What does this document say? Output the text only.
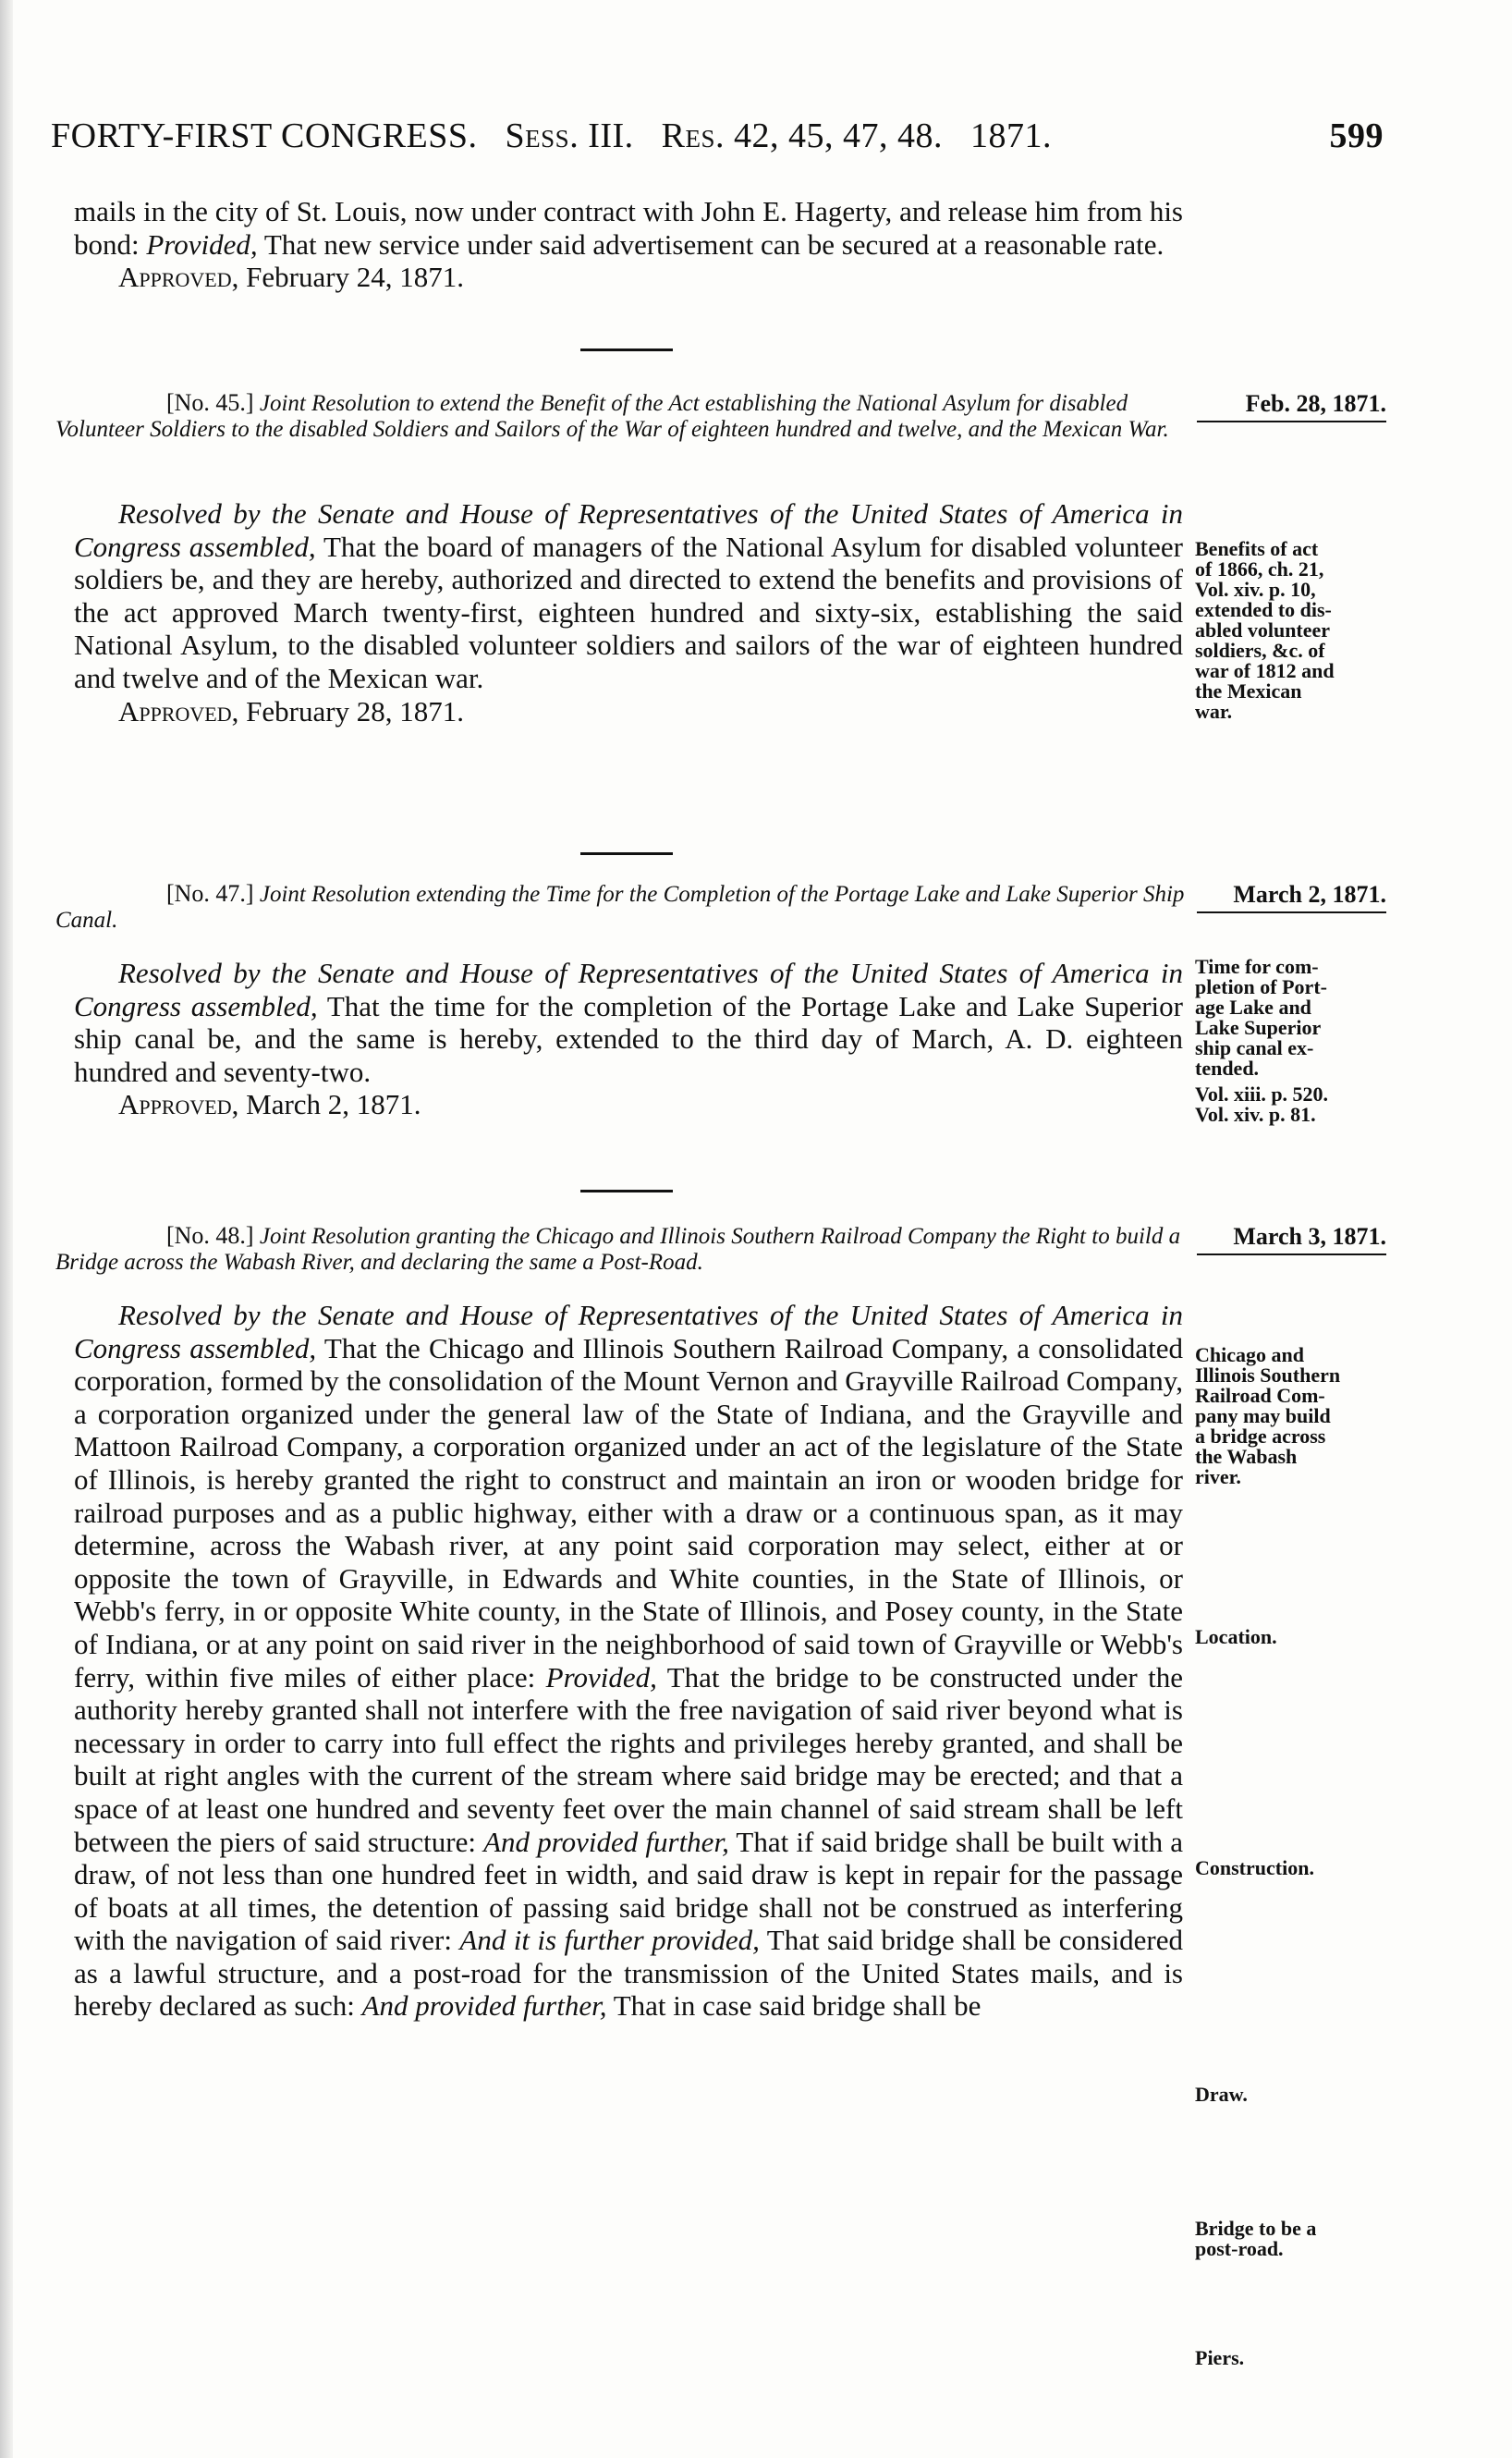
FORTY-FIRST CONGRESS. Sess. III. Res. 42, 45, 47, 48. 1871.	599

mails in the city of St. Louis, now under contract with John E. Hagerty, and release him from his bond: Provided, That new service under said advertisement can be secured at a reasonable rate.

Approved, February 24, 1871.

[No. 45.] Joint Resolution to extend the Benefit of the Act establishing the National Asylum for disabled Volunteer Soldiers to the disabled Soldiers and Sailors of the War of eighteen hundred and twelve, and the Mexican War.
Feb. 28, 1871.

Resolved by the Senate and House of Representatives of the United States of America in Congress assembled, That the board of managers of the National Asylum for disabled volunteer soldiers be, and they are hereby, authorized and directed to extend the benefits and provisions of the act approved March twenty-first, eighteen hundred and sixty-six, establishing the said National Asylum, to the disabled volunteer soldiers and sailors of the war of eighteen hundred and twelve and of the Mexican war.

Approved, February 28, 1871.

Benefits of act
of 1866, ch. 21,
Vol. xiv. p. 10,
extended to dis-
abled volunteer
soldiers, &c. of
war of 1812 and
the Mexican
war.
[No. 47.] Joint Resolution extending the Time for the Completion of the Portage Lake and Lake Superior Ship Canal.
March 2, 1871.

Resolved by the Senate and House of Representatives of the United States of America in Congress assembled, That the time for the completion of the Portage Lake and Lake Superior ship canal be, and the same is hereby, extended to the third day of March, A. D. eighteen hundred and seventy-two.

Approved, March 2, 1871.

Time for com-
pletion of Port-
age Lake and
Lake Superior
ship canal ex-
tended.
Vol. xiii. p. 520.
Vol. xiv. p. 81.
[No. 48.] Joint Resolution granting the Chicago and Illinois Southern Railroad Company the Right to build a Bridge across the Wabash River, and declaring the same a Post-Road.
March 3, 1871.

Resolved by the Senate and House of Representatives of the United States of America in Congress assembled, That the Chicago and Illinois Southern Railroad Company, a consolidated corporation, formed by the consolidation of the Mount Vernon and Grayville Railroad Company, a corporation organized under the general law of the State of Indiana, and the Grayville and Mattoon Railroad Company, a corporation organized under an act of the legislature of the State of Illinois, is hereby granted the right to construct and maintain an iron or wooden bridge for railroad purposes and as a public highway, either with a draw or a continuous span, as it may determine, across the Wabash river, at any point said corporation may select, either at or opposite the town of Grayville, in Edwards and White counties, in the State of Illinois, or Webb's ferry, in or opposite White county, in the State of Illinois, and Posey county, in the State of Indiana, or at any point on said river in the neighborhood of said town of Grayville or Webb's ferry, within five miles of either place: Provided, That the bridge to be constructed under the authority hereby granted shall not interfere with the free navigation of said river beyond what is necessary in order to carry into full effect the rights and privileges hereby granted, and shall be built at right angles with the current of the stream where said bridge may be erected; and that a space of at least one hundred and seventy feet over the main channel of said stream shall be left between the piers of said structure: And provided further, That if said bridge shall be built with a draw, of not less than one hundred feet in width, and said draw is kept in repair for the passage of boats at all times, the detention of passing said bridge shall not be construed as interfering with the navigation of said river: And it is further provided, That said bridge shall be considered as a lawful structure, and a post-road for the transmission of the United States mails, and is hereby declared as such: And provided further, That in case said bridge shall be

Chicago and
Illinois Southern
Railroad Com-
pany may build
a bridge across
the Wabash
river.
Location.
Construction.
Draw.
Bridge to be a
post-road.
Piers.
